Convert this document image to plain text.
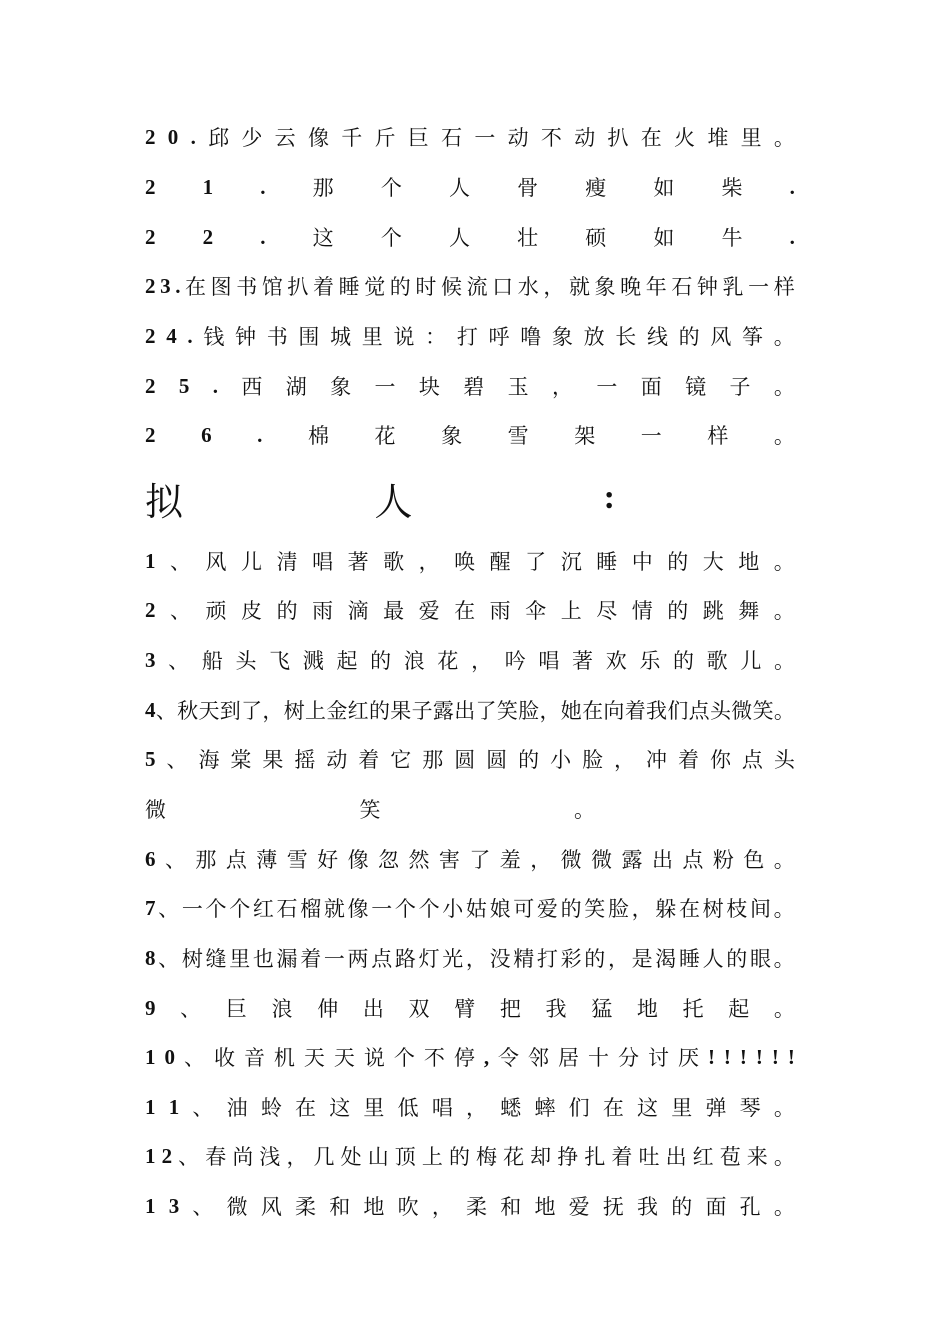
2 0 . 邱 少 云 像 千 斤 巨 石 一 动 不 动 扒 在 火 堆 里 。
2 1 . 那 个 人 骨 瘦 如 柴 .
2 2 . 这 个 人 壮 硕 如 牛 .
2 3 . 在 图 书 馆 扒 着 睡 觉 的 时 候 流 口 水 ， 就 象 晚 年 石 钟 乳 一 样
2 4 . 钱 钟 书 围 城 里 说 ： 打 呼 噜 象 放 长 线 的 风 筝 。
2 5 . 西 湖 象 一 块 碧 玉 ， 一 面 镜 子 。
2 6 . 棉 花 象 雪 架 一 样 。
拟	人	:
1 、 风 儿 清 唱 著 歌 ， 唤 醒 了 沉 睡 中 的 大 地 。
2 、 顽 皮 的 雨 滴 最 爱 在 雨 伞 上 尽 情 的 跳 舞 。
3 、 船 头 飞 溅 起 的 浪 花 ， 吟 唱 著 欢 乐 的 歌 儿 。
4 、 秋 天 到 了 ， 树 上 金 红 的 果 子 露 出 了 笑 脸 ， 她 在 向 着 我 们 点 头 微 笑 。
5 、 海 棠 果 摇 动 着 它 那 圆 圆 的 小 脸 ， 冲 着 你 点 头
微	笑	。
6 、 那 点 薄 雪 好 像 忽 然 害 了 羞 ， 微 微 露 出 点 粉 色 。
7 、 一 个 个 红 石 榴 就 像 一 个 个 小 姑 娘 可 爱 的 笑 脸 ， 躲 在 树 枝 间 。
8 、 树 缝 里 也 漏 着 一 两 点 路 灯 光 ， 没 精 打 彩 的 ， 是 渴 睡 人 的 眼 。
9 、 巨 浪 伸 出 双 臂 把 我 猛 地 托 起 。
1 0 、 收 音 机 天 天 说 个 不 停 , 令 邻 居 十 分 讨 厌 ! ! ! ! ! !
1 1 、 油 蛉 在 这 里 低 唱 ， 蟋 蟀 们 在 这 里 弹 琴 。
1 2 、 春 尚 浅 ， 几 处 山 顶 上 的 梅 花 却 挣 扎 着 吐 出 红 苞 来 。
1 3 、 微 风 柔 和 地 吹 ， 柔 和 地 爱 抚 我 的 面 孔 。
